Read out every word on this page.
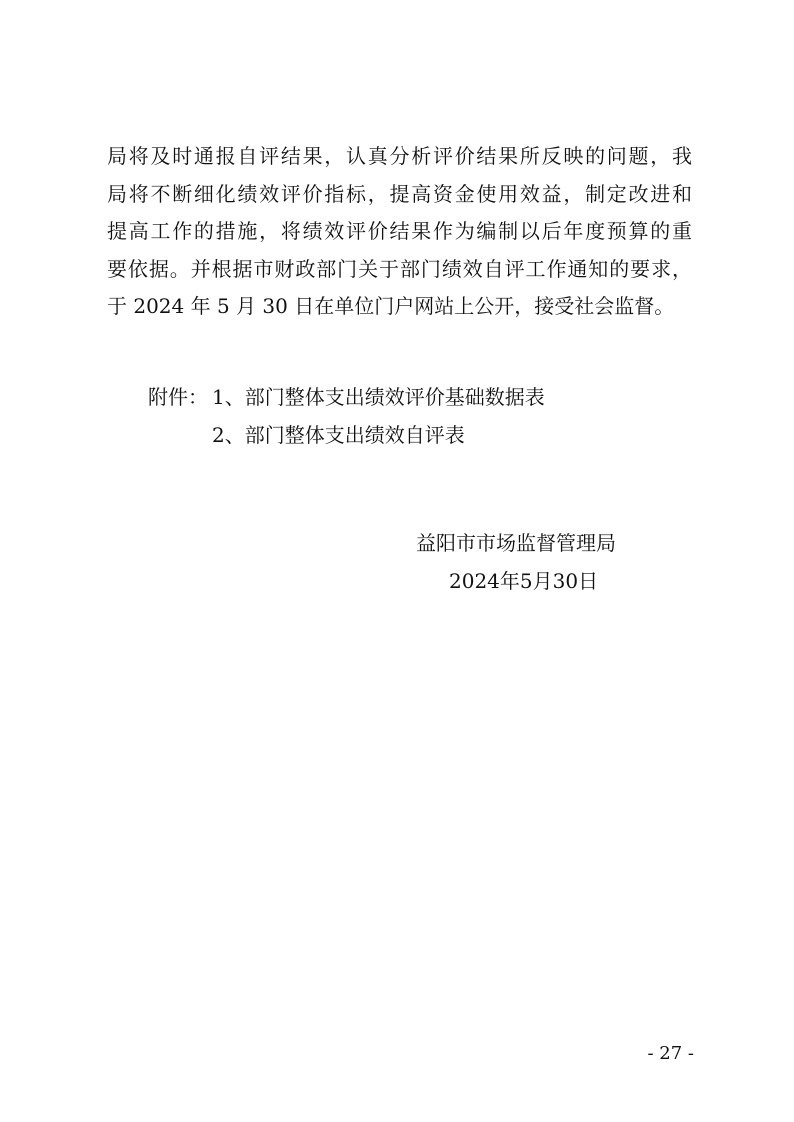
局将及时通报自评结果，认真分析评价结果所反映的问题，我
局将不断细化绩效评价指标，提高资金使用效益，制定改进和
提高工作的措施，将绩效评价结果作为编制以后年度预算的重
要依据。并根据市财政部门关于部门绩效自评工作通知的要求，
于 2024 年 5 月 30 日在单位门户网站上公开，接受社会监督。
附件： 1、部门整体支出绩效评价基础数据表
2、部门整体支出绩效自评表
益阳市市场监督管理局
2024年5月30日
- 27 -
